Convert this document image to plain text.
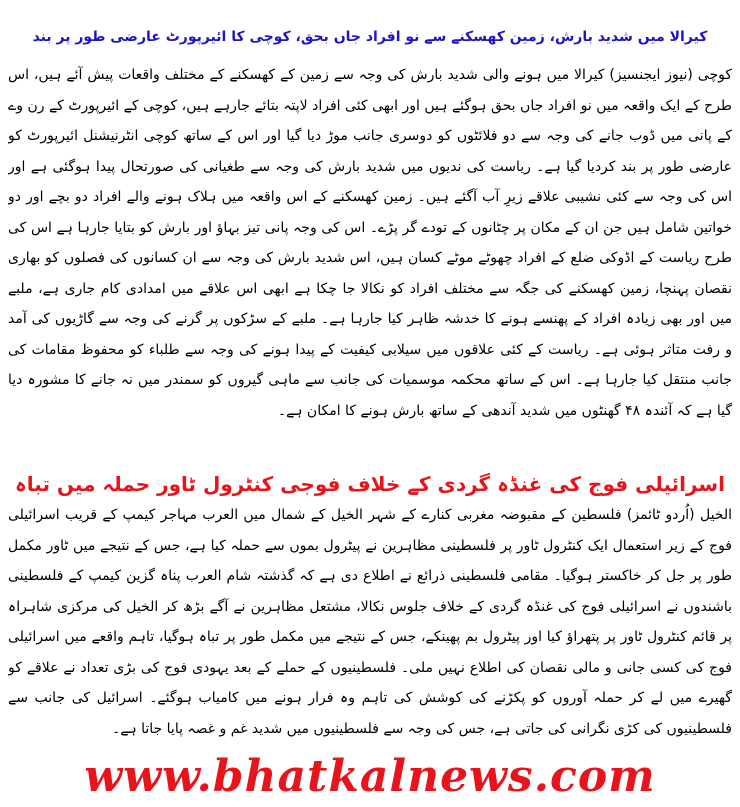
کیرالا میں شدید بارش، زمین کھسکنے سے نو افراد جاں بحق، کوچی کا ائیرپورٹ عارضی طور پر بند

کوچی (نیوز ایجنسیز) کیرالا میں ہونے والی شدید بارش کی وجہ سے زمین کے کھسکنے کے مختلف واقعات پیش آئے ہیں، اس طرح کے ایک واقعہ میں نو افراد جاں بحق ہوگئے ہیں اور ابھی کئی افراد لاپتہ بتائے جارہے ہیں، کوچی کے ائیرپورٹ کے رن وے کے پانی میں ڈوب جانے کی وجہ سے دو فلائٹوں کو دوسری جانب موڑ دیا گیا اور اس کے ساتھ کوچی انٹرنیشنل ائیرپورٹ کو عارضی طور پر بند کردیا گیا ہے۔ ریاست کی ندیوں میں شدید بارش کی وجہ سے طغیانی کی صورتحال پیدا ہوگئی ہے اور اس کی وجہ سے کئی نشیبی علاقے زیرِ آب آگئے ہیں۔ زمین کھسکنے کے اس واقعہ میں ہلاک ہونے والے افراد دو بچے اور دو خواتین شامل ہیں جن ان کے مکان پر چٹانوں کے تودے گر پڑے۔ اس کی وجہ پانی تیز بہاؤ اور بارش کو بتایا جارہا ہے اس کی طرح ریاست کے اڈوکی ضلع کے افراد چھوٹے موٹے کسان ہیں، اس شدید بارش کی وجہ سے ان کسانوں کی فصلوں کو بھاری نقصان پہنچا، زمین کھسکنے کی جگہ سے مختلف افراد کو نکالا جا چکا ہے ابھی اس علاقے میں امدادی کام جاری ہے، ملبے میں اور بھی زیادہ افراد کے پھنسے ہونے کا خدشہ ظاہر کیا جارہا ہے۔ ملبے کے سڑکوں پر گرنے کی وجہ سے گاڑیوں کی آمد و رفت متاثر ہوئی ہے۔ ریاست کے کئی علاقوں میں سیلابی کیفیت کے پیدا ہونے کی وجہ سے طلباء کو محفوظ مقامات کی جانب منتقل کیا جارہا ہے۔ اس کے ساتھ محکمہ موسمیات کی جانب سے ماہی گیروں کو سمندر میں نہ جانے کا مشورہ دیا گیا ہے کہ آئندہ ۴۸ گھنٹوں میں شدید آندھی کے ساتھ بارش ہونے کا امکان ہے۔

اسرائیلی فوج کی غنڈہ گردی کے خلاف فوجی کنٹرول ٹاور حملہ میں تباہ

الخیل (اُردو ٹائمز) فلسطین کے مقبوضہ مغربی کنارے کے شہر الخیل کے شمال میں العرب مہاجر کیمپ کے قریب اسرائیلی فوج کے زیر استعمال ایک کنٹرول ٹاور پر فلسطینی مظاہرین نے پیٹرول بموں سے حملہ کیا ہے، جس کے نتیجے میں ٹاور مکمل طور پر جل کر خاکستر ہوگیا۔ مقامی فلسطینی ذرائع نے اطلاع دی ہے کہ گذشتہ شام العرب پناہ گزین کیمپ کے فلسطینی باشندوں نے اسرائیلی فوج کی غنڈہ گردی کے خلاف جلوس نکالا، مشتعل مظاہرین نے آگے بڑھ کر الخیل کی مرکزی شاہراہ پر قائم کنٹرول ٹاور پر پتھراؤ کیا اور پیٹرول بم پھینکے، جس کے نتیجے میں مکمل طور پر تباہ ہوگیا، تاہم واقعے میں اسرائیلی فوج کی کسی جانی و مالی نقصان کی اطلاع نہیں ملی۔ فلسطینیوں کے حملے کے بعد یہودی فوج کی بڑی تعداد نے علاقے کو گھیرے میں لے کر حملہ آوروں کو پکڑنے کی کوشش کی تاہم وہ فرار ہونے میں کامیاب ہوگئے۔ اسرائیل کی جانب سے فلسطینیوں کی کڑی نگرانی کی جاتی ہے، جس کی وجہ سے فلسطینیوں میں شدید غم و غصہ پایا جاتا ہے۔

www.bhatkalnews.com
